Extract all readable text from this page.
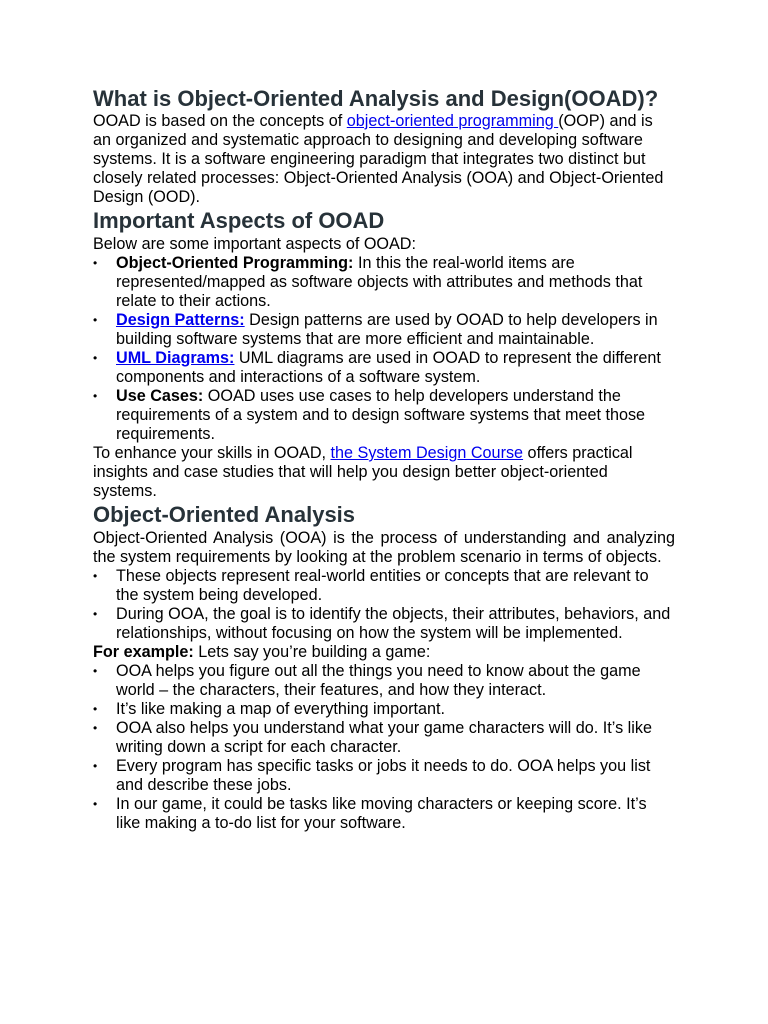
What is Object-Oriented Analysis and Design(OOAD)?

OOAD is based on the concepts of object-oriented programming (OOP) and is an organized and systematic approach to designing and developing software systems. It is a software engineering paradigm that integrates two distinct but closely related processes: Object-Oriented Analysis (OOA) and Object-Oriented Design (OOD).

Important Aspects of OOAD

Below are some important aspects of OOAD:

•	Object-Oriented Programming: In this the real-world items are represented/mapped as software objects with attributes and methods that relate to their actions.
•	Design Patterns: Design patterns are used by OOAD to help developers in building software systems that are more efficient and maintainable.
•	UML Diagrams: UML diagrams are used in OOAD to represent the different components and interactions of a software system.
•	Use Cases: OOAD uses use cases to help developers understand the requirements of a system and to design software systems that meet those requirements.

To enhance your skills in OOAD, the System Design Course offers practical insights and case studies that will help you design better object-oriented systems.

Object-Oriented Analysis

Object-Oriented Analysis (OOA) is the process of understanding and analyzing the system requirements by looking at the problem scenario in terms of objects.

•	These objects represent real-world entities or concepts that are relevant to the system being developed.
•	During OOA, the goal is to identify the objects, their attributes, behaviors, and relationships, without focusing on how the system will be implemented.

For example: Lets say you’re building a game:

•	OOA helps you figure out all the things you need to know about the game world – the characters, their features, and how they interact.
•	It’s like making a map of everything important.
•	OOA also helps you understand what your game characters will do. It’s like writing down a script for each character.
•	Every program has specific tasks or jobs it needs to do. OOA helps you list and describe these jobs.
•	In our game, it could be tasks like moving characters or keeping score. It’s like making a to-do list for your software.
